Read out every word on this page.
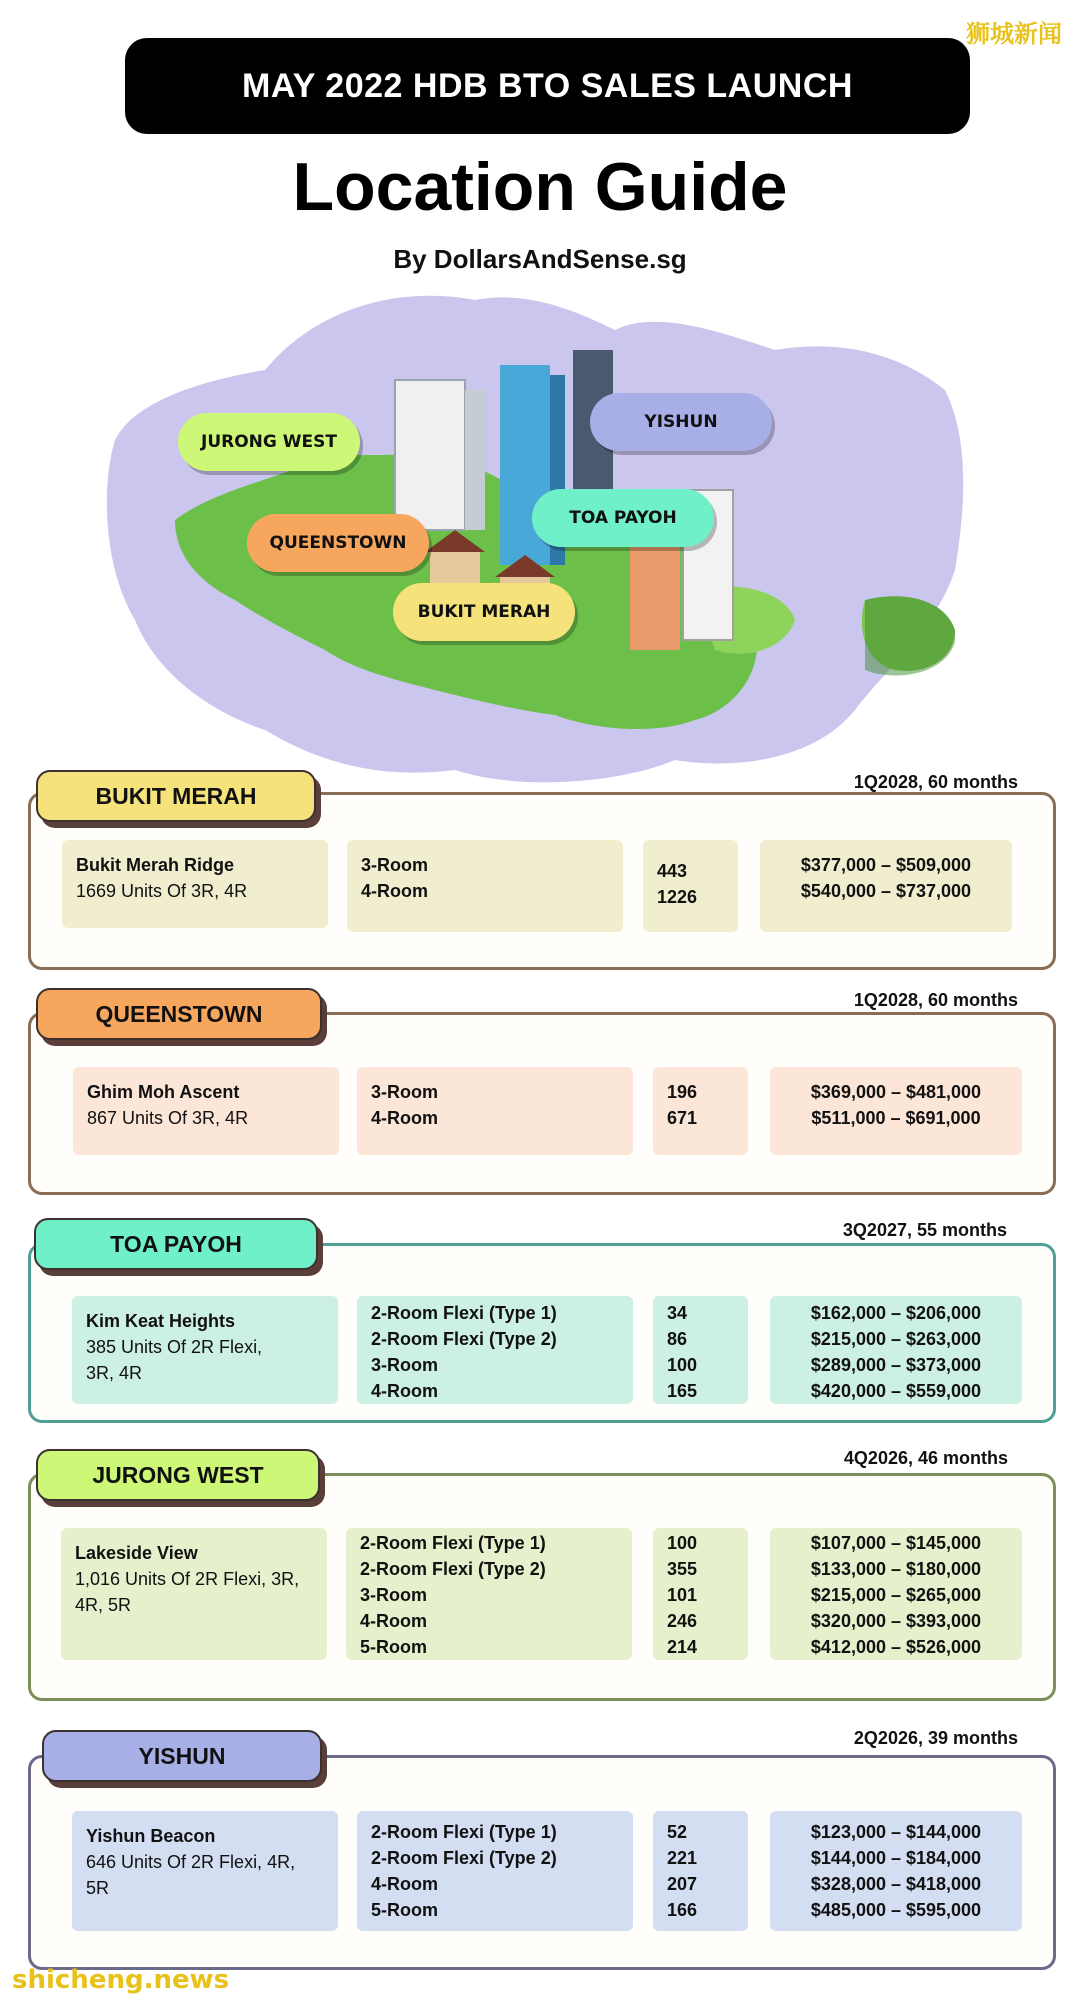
狮城新闻
MAY 2022 HDB BTO SALES LAUNCH
Location Guide
By DollarsAndSense.sg
JURONG WEST
YISHUN
QUEENSTOWN
TOA PAYOH
BUKIT MERAH
BUKIT MERAH
1Q2028, 60 months
Bukit Merah Ridge
1669 Units Of 3R, 4R
3-Room
4-Room
443
1226
$377,000 – $509,000
$540,000 – $737,000
QUEENSTOWN
1Q2028, 60 months
Ghim Moh Ascent
867 Units Of 3R, 4R
3-Room
4-Room
196
671
$369,000 – $481,000
$511,000 – $691,000
TOA PAYOH
3Q2027, 55 months
Kim Keat Heights
385 Units Of 2R Flexi,
3R, 4R
2-Room Flexi (Type 1)
2-Room Flexi (Type 2)
3-Room
4-Room
34
86
100
165
$162,000 – $206,000
$215,000 – $263,000
$289,000 – $373,000
$420,000 – $559,000
JURONG WEST
4Q2026, 46 months
Lakeside View
1,016 Units Of 2R Flexi, 3R,
4R, 5R
2-Room Flexi (Type 1)
2-Room Flexi (Type 2)
3-Room
4-Room
5-Room
100
355
101
246
214
$107,000 – $145,000
$133,000 – $180,000
$215,000 – $265,000
$320,000 – $393,000
$412,000 – $526,000
YISHUN
2Q2026, 39 months
Yishun Beacon
646 Units Of 2R Flexi, 4R,
5R
2-Room Flexi (Type 1)
2-Room Flexi (Type 2)
4-Room
5-Room
52
221
207
166
$123,000 – $144,000
$144,000 – $184,000
$328,000 – $418,000
$485,000 – $595,000
shicheng.news
